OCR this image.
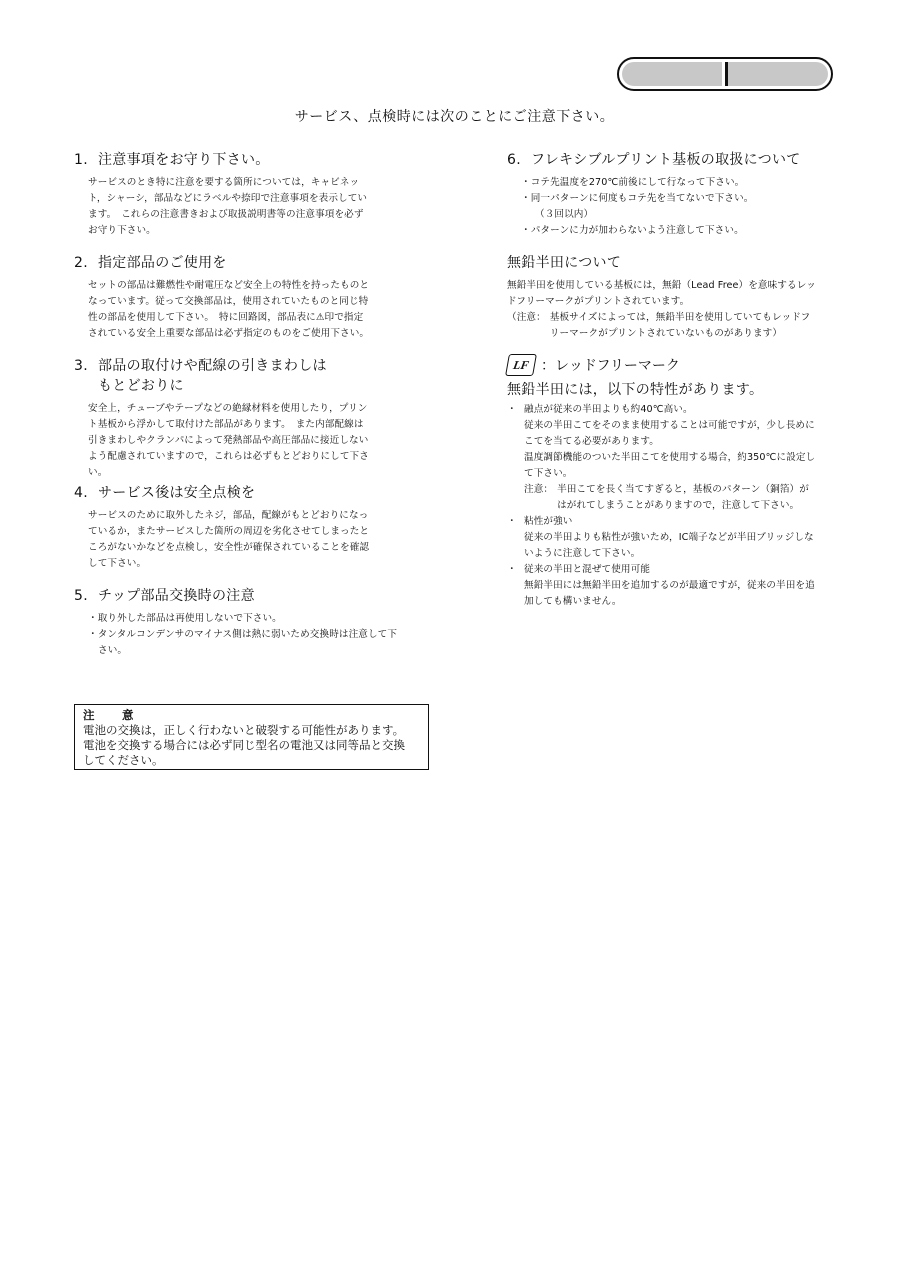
サービス、点検時には次のことにご注意下さい。
1. 注意事項をお守り下さい。

サービスのとき特に注意を要する箇所については，キャビネッ

ト，シャーシ，部品などにラベルや捺印で注意事項を表示してい

ます。　これらの注意書きおよび取扱説明書等の注意事項を必ず

お守り下さい。

2. 指定部品のご使用を

セットの部品は難燃性や耐電圧など安全上の特性を持ったものと

なっています。従って交換部品は，使用されていたものと同じ特

性の部品を使用して下さい。　特に回路図，部品表に⚠印で指定

されている安全上重要な部品は必ず指定のものをご使用下さい。

3. 部品の取付けや配線の引きまわしは
もとどおりに

安全上，チューブやテープなどの絶縁材料を使用したり，プリン

ト基板から浮かして取付けた部品があります。　また内部配線は

引きまわしやクランパによって発熱部品や高圧部品に接近しない

よう配慮されていますので，これらは必ずもとどおりにして下さ

い。

4. サービス後は安全点検を

サービスのために取外したネジ，部品，配線がもとどおりになっ

ているか，またサービスした箇所の周辺を劣化させてしまったと

ころがないかなどを点検し，安全性が確保されていることを確認

して下さい。

5. チップ部品交換時の注意

・取り外した部品は再使用しないで下さい。

・タンタルコンデンサのマイナス側は熱に弱いため交換時は注意して下さい。

6. フレキシブルプリント基板の取扱について

・コテ先温度を270℃前後にして行なって下さい。

・同一パターンに何度もコテ先を当てないで下さい。

（３回以内）

・パターンに力が加わらないよう注意して下さい。

無鉛半田について

無鉛半田を使用している基板には，無鉛（Lead Free）を意味するレッ

ドフリーマークがプリントされています。

（注意： 基板サイズによっては，無鉛半田を使用していてもレッドフ
リーマークがプリントされていないものがあります）
LF ：レッドフリーマーク
無鉛半田には，以下の特性があります。
・ 融点が従来の半田よりも約40℃高い。

従来の半田こてをそのまま使用することは可能ですが，少し長めに

こてを当てる必要があります。

温度調節機能のついた半田こてを使用する場合，約350℃に設定し

て下さい。

注意： 半田こてを長く当てすぎると，基板のパターン（銅箔）が
はがれてしまうことがありますので，注意して下さい。
・ 粘性が強い

従来の半田よりも粘性が強いため，IC端子などが半田ブリッジしな

いように注意して下さい。

・ 従来の半田と混ぜて使用可能

無鉛半田には無鉛半田を追加するのが最適ですが，従来の半田を追

加しても構いません。

注　意
電池の交換は，正しく行わないと破裂する可能性があります。
電池を交換する場合には必ず同じ型名の電池又は同等品と交換
してください。
